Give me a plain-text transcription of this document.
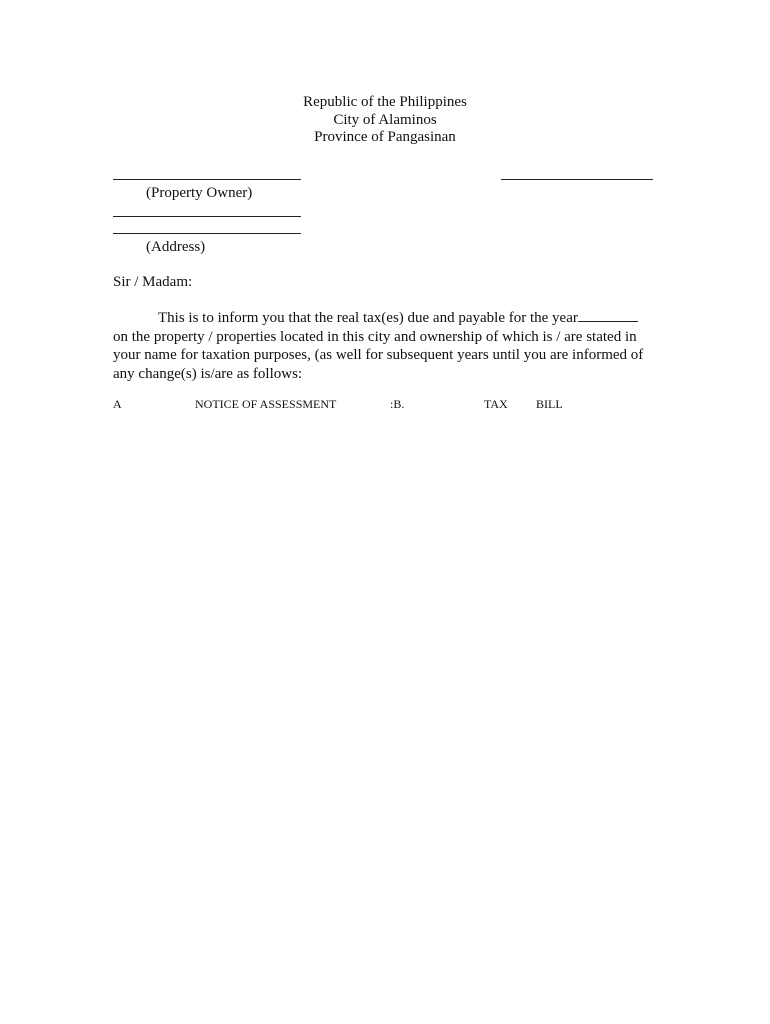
Republic of the Philippines
City of Alaminos
Province of Pangasinan
(Property Owner)
(Address)
Sir / Madam:
This is to inform you that the real tax(es) due and payable for the year
on the property / properties located in this city and ownership of which is / are stated in
your name for taxation purposes, (as well for subsequent years until you are informed of
any change(s) is/are as follows:
A	NOTICE OF ASSESSMENT	:B.	TAX BILL
